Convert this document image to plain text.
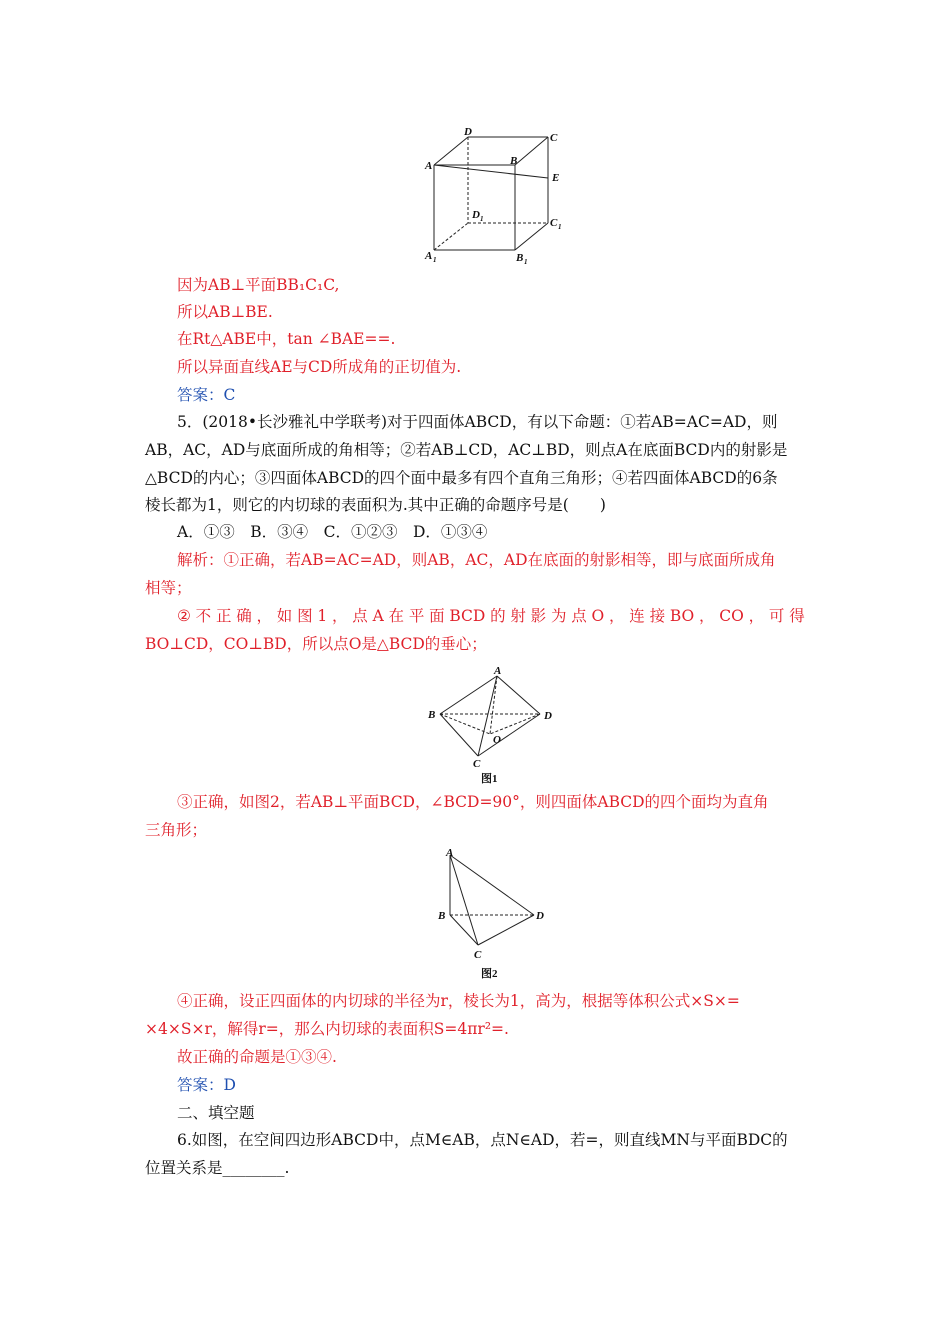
D	C
A	B
E
D 1	C 1
A 1	B 1
因为AB⊥平面BB₁C₁C,
所以AB⊥BE.
在Rt△ABE中，tan ∠BAE==.
所以异面直线AE与CD所成角的正切值为.
答案：C
5．(2018•长沙雅礼中学联考)对于四面体ABCD，有以下命题：①若AB=AC=AD，则
AB，AC，AD与底面所成的角相等；②若AB⊥CD，AC⊥BD，则点A在底面BCD内的射影是
△BCD的内心；③四面体ABCD的四个面中最多有四个直角三角形；④若四面体ABCD的6条
棱长都为1，则它的内切球的表面积为.其中正确的命题序号是(　　)
A．①③　B．③④　C．①②③　D．①③④
解析：①正确，若AB=AC=AD，则AB，AC，AD在底面的射影相等，即与底面所成角
相等；
② 不 正 确 ， 如 图 1 ， 点 A 在 平 面 BCD 的 射 影 为 点 O ， 连 接 BO ， CO ， 可 得
BO⊥CD，CO⊥BD，所以点O是△BCD的垂心；
A
B	D
O
C
图1
③正确，如图2，若AB⊥平面BCD，∠BCD=90°，则四面体ABCD的四个面均为直角
三角形；
A
B	D
C
图2
④正确，设正四面体的内切球的半径为r，棱长为1，高为，根据等体积公式×S×=
×4×S×r，解得r=，那么内切球的表面积S=4πr²=.
故正确的命题是①③④.
答案：D
二、填空题
6.如图，在空间四边形ABCD中，点M∈AB，点N∈AD，若=，则直线MN与平面BDC的
位置关系是________.
